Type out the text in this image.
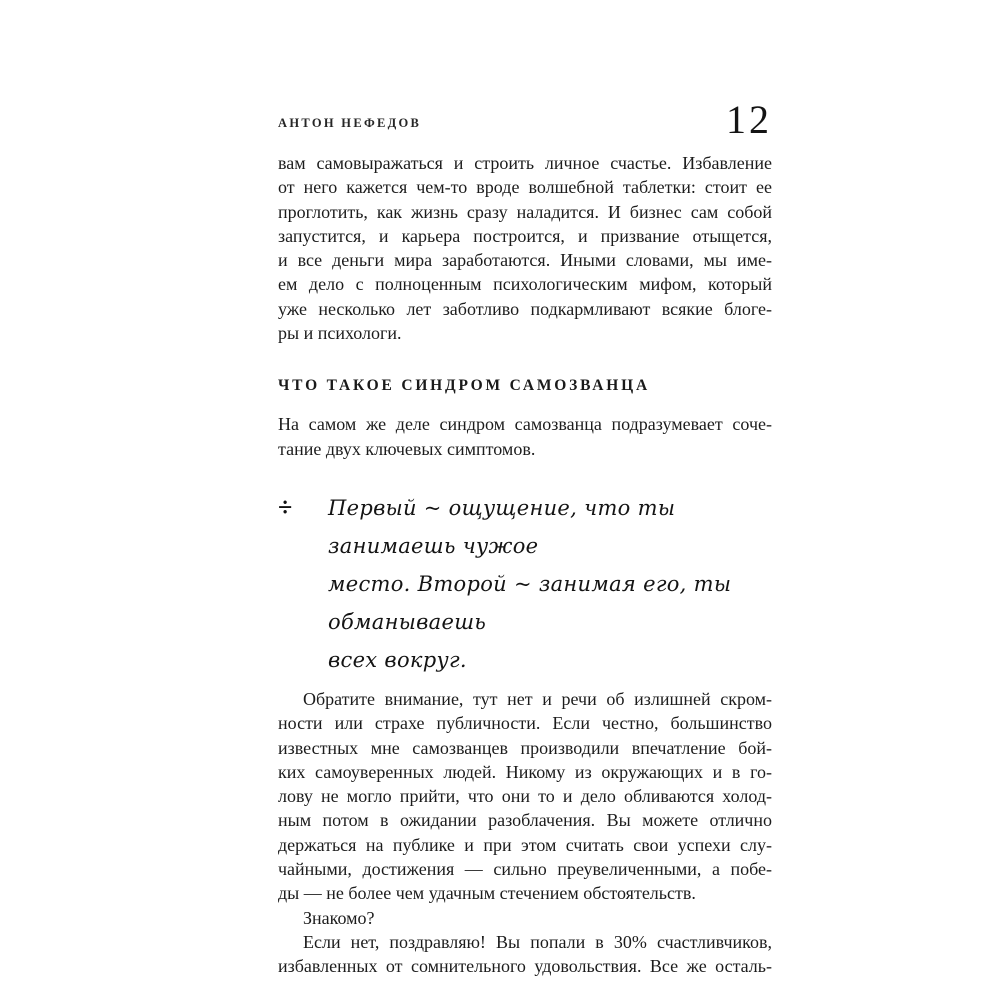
АНТОН НЕФЕДОВ	12
вам самовыражаться и строить личное счастье. Избавление
от него кажется чем-то вроде волшебной таблетки: стоит ее
проглотить, как жизнь сразу наладится. И бизнес сам собой
запустится, и карьера построится, и призвание отыщется,
и все деньги мира заработаются. Иными словами, мы име-
ем дело с полноценным психологическим мифом, который
уже несколько лет заботливо подкармливают всякие блоге-
ры и психологи.
ЧТО ТАКОЕ СИНДРОМ САМОЗВАНЦА
На самом же деле синдром самозванца подразумевает соче-
тание двух ключевых симптомов.
÷	Первый ~ ощущение, что ты занимаешь чужое
место. Второй ~ занимая его, ты обманываешь
всех вокруг.
Обратите внимание, тут нет и речи об излишней скром-
ности или страхе публичности. Если честно, большинство
известных мне самозванцев производили впечатление бой-
ких самоуверенных людей. Никому из окружающих и в го-
лову не могло прийти, что они то и дело обливаются холод-
ным потом в ожидании разоблачения. Вы можете отлично
держаться на публике и при этом считать свои успехи слу-
чайными, достижения — сильно преувеличенными, а побе-
ды — не более чем удачным стечением обстоятельств.
Знакомо?
Если нет, поздравляю! Вы попали в 30% счастливчиков,
избавленных от сомнительного удовольствия. Все же осталь-
